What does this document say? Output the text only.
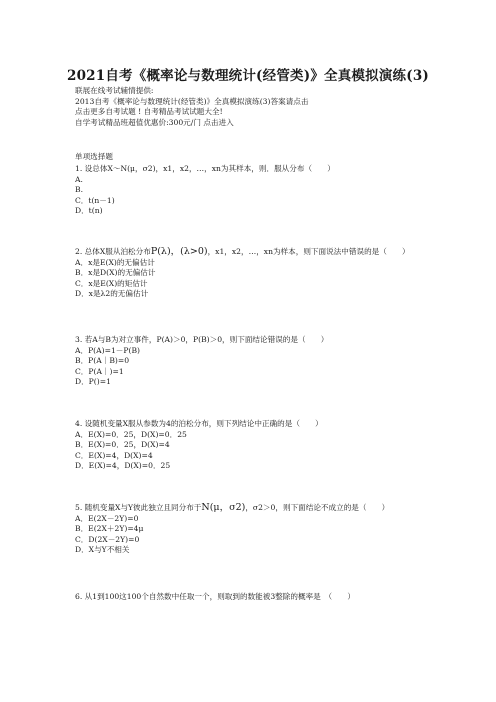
2021自考《概率论与数理统计(经管类)》全真模拟演练(3)
联展在线考试辅情提供:
2013自考《概率论与数理统计(经管类)》全真模拟演练(3)答案请点击
点击更多自考试题 ! 自考精品考试试题大全!
自学考试精品班超值优惠价:300元/门 点击进入
单项选择题
1. 设总体X～N(μ，σ2)，x1，x2，…，xn为其样本，则．服从分布（　　）
A.
B.
C．t(n－1)
D．t(n)
2. 总体X服从泊松分布P(λ)，(λ>0)，x1，x2，…，xn为样本，则下面说法中错误的是（　　）
A．x是E(X)的无偏估计
B．x是D(X)的无偏估计
C．x是E(X)的矩估计
D．x是λ2的无偏估计
3. 若A与B为对立事件，P(A)＞0，P(B)＞0，则下面结论错误的是（　　）
A．P(A)=1－P(B)
B．P(A｜B)=0
C．P(A｜)=1
D．P()=1
4. 设随机变量X服从参数为4的泊松分布，则下列结论中正确的是（　　）
A．E(X)=0．25，D(X)=0．25
B．E(X)=0．25，D(X)=4
C．E(X)=4，D(X)=4
D．E(X)=4，D(X)=0．25
5. 随机变量X与Y彼此独立且同分布于N(μ，σ2)，σ2＞0，则下面结论不成立的是（　　）
A．E(2X－2Y)=0
B．E(2X＋2Y)=4μ
C．D(2X－2Y)=0
D．X与Y不相关
6. 从1到100这100个自然数中任取一个，则取到的数能被3整除的概率是　（　　）
